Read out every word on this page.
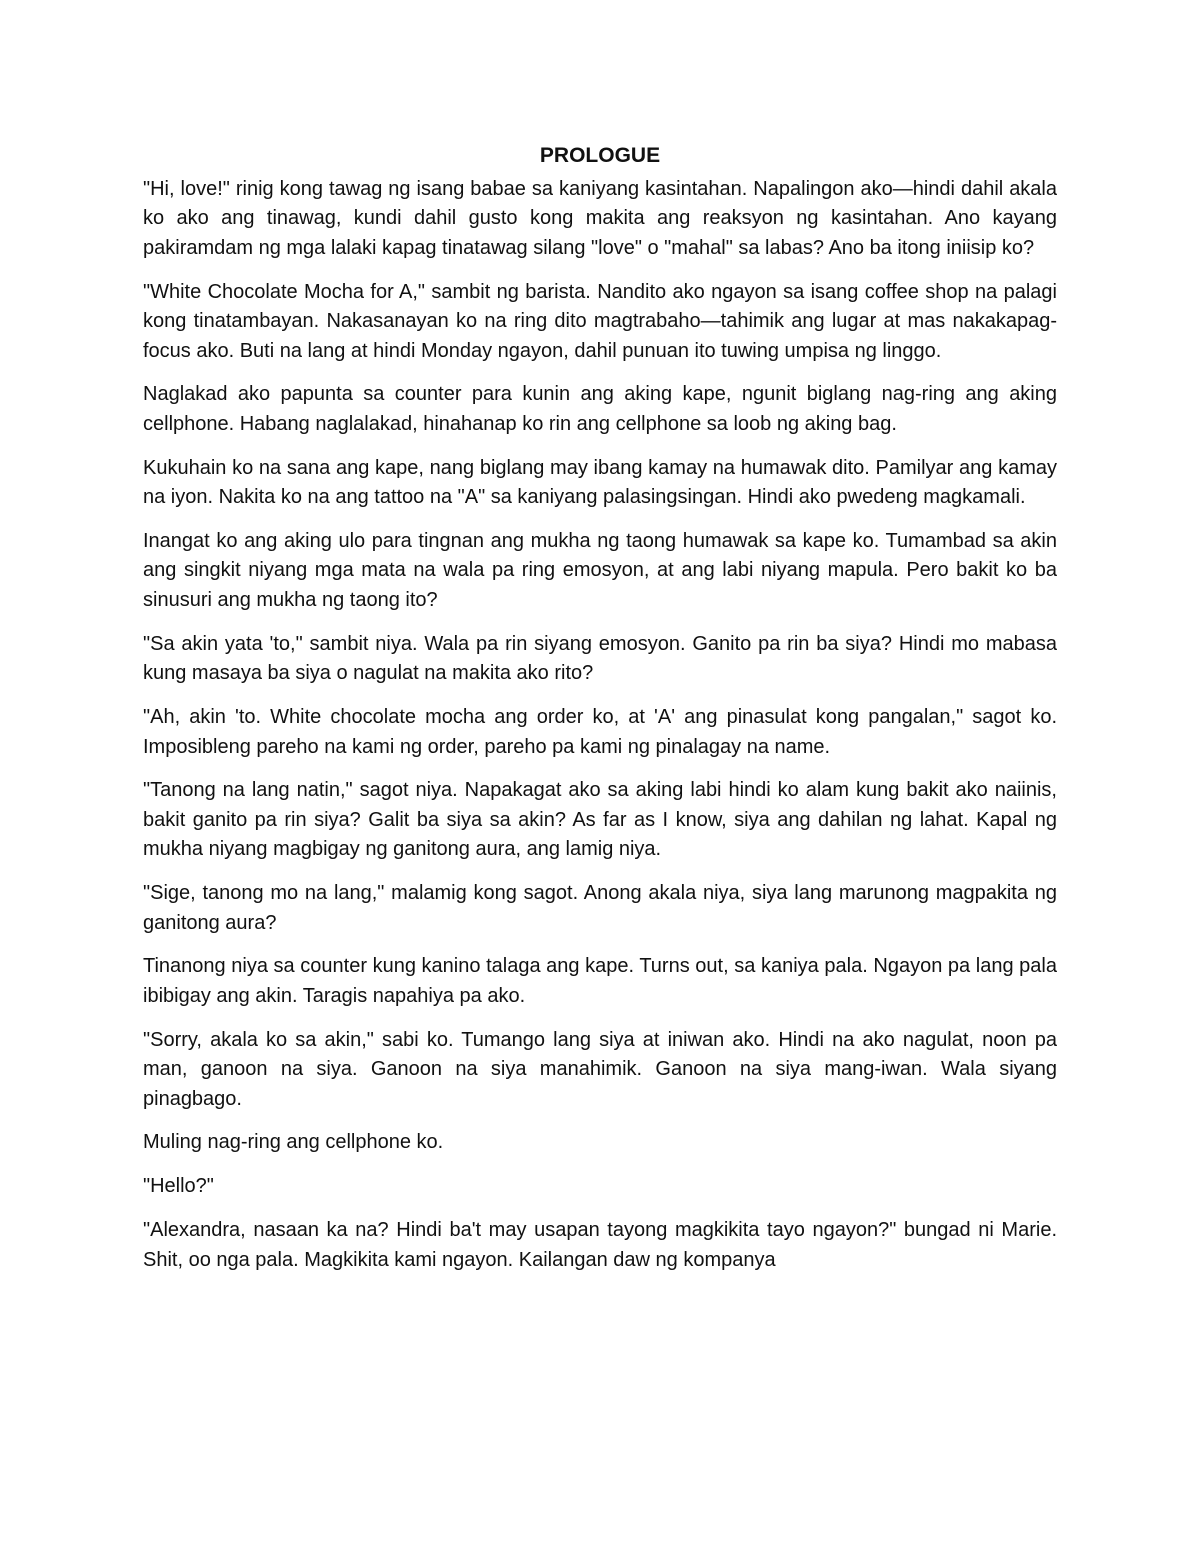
PROLOGUE

"Hi, love!" rinig kong tawag ng isang babae sa kaniyang kasintahan. Napalingon ako—hindi dahil akala ko ako ang tinawag, kundi dahil gusto kong makita ang reaksyon ng kasintahan. Ano kayang pakiramdam ng mga lalaki kapag tinatawag silang "love" o "mahal" sa labas? Ano ba itong iniisip ko?

"White Chocolate Mocha for A," sambit ng barista. Nandito ako ngayon sa isang coffee shop na palagi kong tinatambayan. Nakasanayan ko na ring dito magtrabaho—tahimik ang lugar at mas nakakapag-focus ako. Buti na lang at hindi Monday ngayon, dahil punuan ito tuwing umpisa ng linggo.

Naglakad ako papunta sa counter para kunin ang aking kape, ngunit biglang nag-ring ang aking cellphone. Habang naglalakad, hinahanap ko rin ang cellphone sa loob ng aking bag.

Kukuhain ko na sana ang kape, nang biglang may ibang kamay na humawak dito. Pamilyar ang kamay na iyon. Nakita ko na ang tattoo na "A" sa kaniyang palasingsingan. Hindi ako pwedeng magkamali.

Inangat ko ang aking ulo para tingnan ang mukha ng taong humawak sa kape ko. Tumambad sa akin ang singkit niyang mga mata na wala pa ring emosyon, at ang labi niyang mapula. Pero bakit ko ba sinusuri ang mukha ng taong ito?

"Sa akin yata 'to," sambit niya. Wala pa rin siyang emosyon. Ganito pa rin ba siya? Hindi mo mabasa kung masaya ba siya o nagulat na makita ako rito?

"Ah, akin 'to. White chocolate mocha ang order ko, at 'A' ang pinasulat kong pangalan," sagot ko. Imposibleng pareho na kami ng order, pareho pa kami ng pinalagay na name.

"Tanong na lang natin," sagot niya. Napakagat ako sa aking labi hindi ko alam kung bakit ako naiinis, bakit ganito pa rin siya? Galit ba siya sa akin? As far as I know, siya ang dahilan ng lahat. Kapal ng mukha niyang magbigay ng ganitong aura, ang lamig niya.

"Sige, tanong mo na lang," malamig kong sagot. Anong akala niya, siya lang marunong magpakita ng ganitong aura?

Tinanong niya sa counter kung kanino talaga ang kape. Turns out, sa kaniya pala. Ngayon pa lang pala ibibigay ang akin. Taragis napahiya pa ako.

"Sorry, akala ko sa akin," sabi ko. Tumango lang siya at iniwan ako. Hindi na ako nagulat, noon pa man, ganoon na siya. Ganoon na siya manahimik. Ganoon na siya mang-iwan. Wala siyang pinagbago.

Muling nag-ring ang cellphone ko.

"Hello?"

"Alexandra, nasaan ka na? Hindi ba't may usapan tayong magkikita tayo ngayon?" bungad ni Marie. Shit, oo nga pala. Magkikita kami ngayon. Kailangan daw ng kompanya
